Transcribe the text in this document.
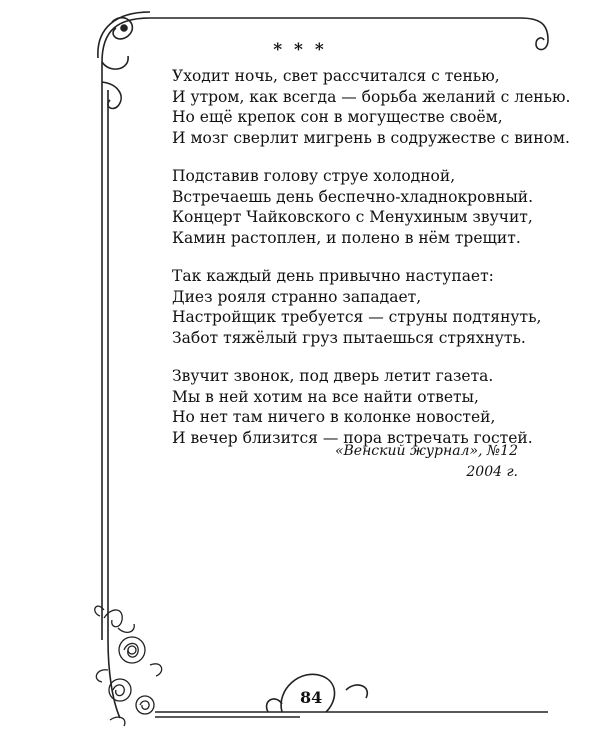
* * *
Уходит ночь, свет рассчитался с тенью,
И утром, как всегда — борьба желаний с ленью.
Но ещё крепок сон в могуществе своём,
И мозг сверлит мигрень в содружестве с вином.
Подставив голову струе холодной,
Встречаешь день беспечно-хладнокровный.
Концерт Чайковского с Менухиным звучит,
Камин растоплен, и полено в нём трещит.
Так каждый день привычно наступает:
Диез рояля странно западает,
Настройщик требуется — струны подтянуть,
Забот тяжёлый груз пытаешься стряхнуть.
Звучит звонок, под дверь летит газета.
Мы в ней хотим на все найти ответы,
Но нет там ничего в колонке новостей,
И вечер близится — пора встречать гостей.
«Венский журнал», №12
2004 г.
84
